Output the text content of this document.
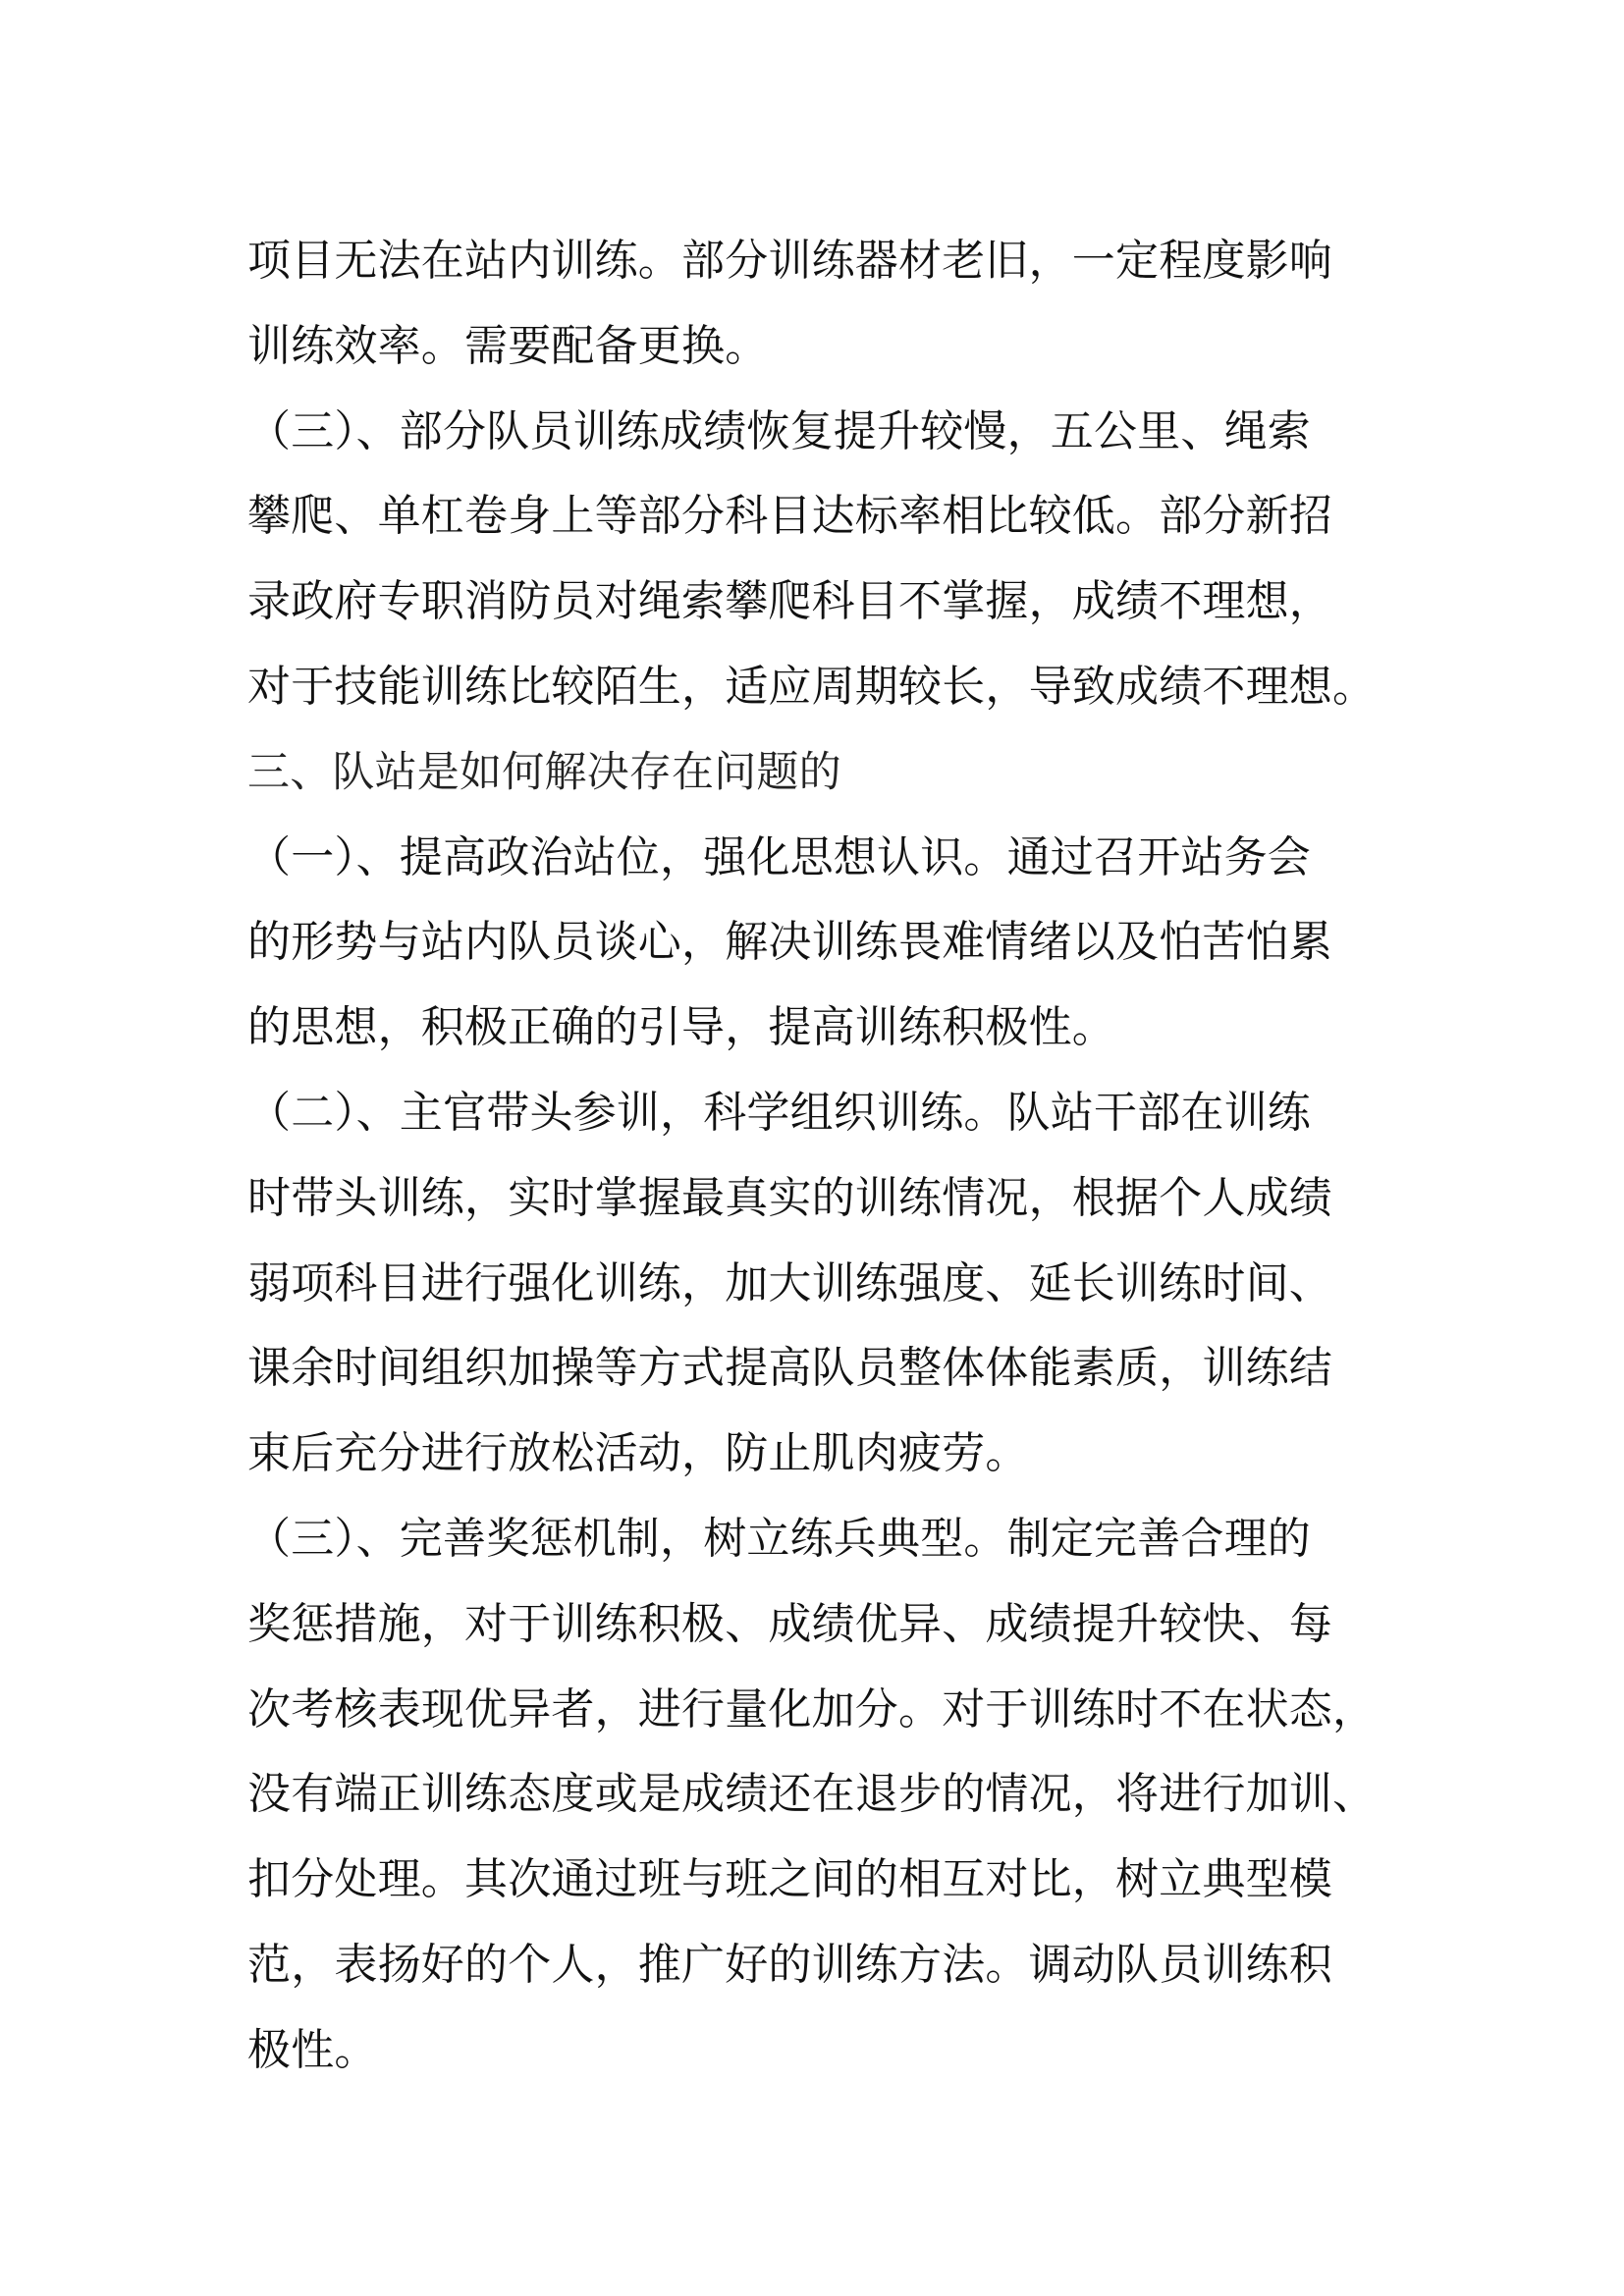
项目无法在站内训练。部分训练器材老旧，一定程度影响
训练效率。需要配备更换。
（三）、部分队员训练成绩恢复提升较慢，五公里、绳索
攀爬、单杠卷身上等部分科目达标率相比较低。部分新招
录政府专职消防员对绳索攀爬科目不掌握，成绩不理想，
对于技能训练比较陌生，适应周期较长，导致成绩不理想。
三、队站是如何解决存在问题的
（一）、提高政治站位，强化思想认识。通过召开站务会
的形势与站内队员谈心，解决训练畏难情绪以及怕苦怕累
的思想，积极正确的引导，提高训练积极性。
（二）、主官带头参训，科学组织训练。队站干部在训练
时带头训练，实时掌握最真实的训练情况，根据个人成绩
弱项科目进行强化训练，加大训练强度、延长训练时间、
课余时间组织加操等方式提高队员整体体能素质，训练结
束后充分进行放松活动，防止肌肉疲劳。
（三）、完善奖惩机制，树立练兵典型。制定完善合理的
奖惩措施，对于训练积极、成绩优异、成绩提升较快、每
次考核表现优异者，进行量化加分。对于训练时不在状态，
没有端正训练态度或是成绩还在退步的情况，将进行加训、
扣分处理。其次通过班与班之间的相互对比，树立典型模
范，表扬好的个人，推广好的训练方法。调动队员训练积
极性。
